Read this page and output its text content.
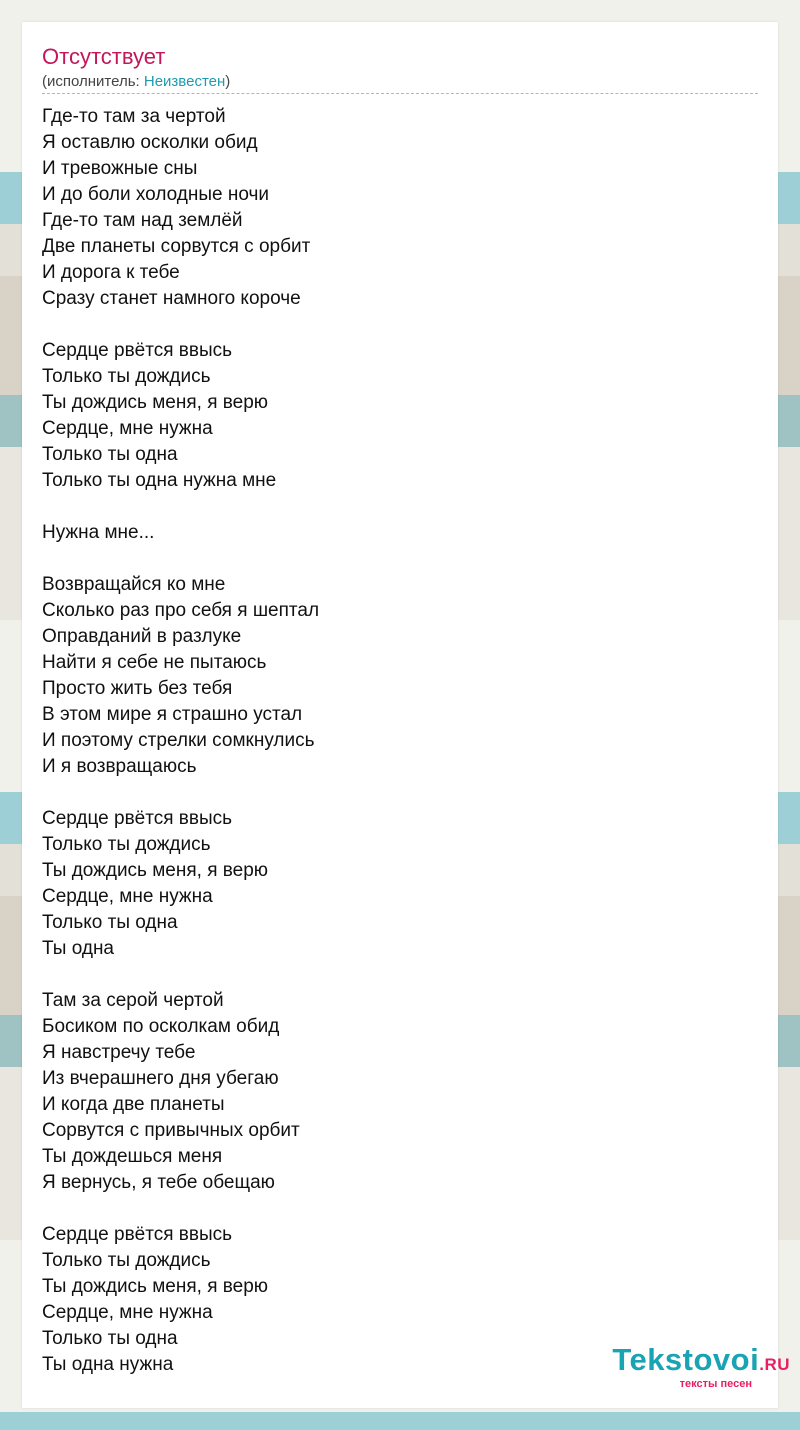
Отсутствует
(исполнитель: Неизвестен)
Где-то там за чертой
Я оставлю осколки обид
И тревожные сны
И до боли холодные ночи
Где-то там над землёй
Две планеты сорвутся с орбит
И дорога к тебе
Сразу станет намного короче
Сердце рвётся ввысь
Только ты дождись
Ты дождись меня, я верю
Сердце, мне нужна
Только ты одна
Только ты одна нужна мне
Нужна мне...
Возвращайся ко мне
Сколько раз про себя я шептал
Оправданий в разлуке
Найти я себе не пытаюсь
Просто жить без тебя
В этом мире я страшно устал
И поэтому стрелки сомкнулись
И я возвращаюсь
Сердце рвётся ввысь
Только ты дождись
Ты дождись меня, я верю
Сердце, мне нужна
Только ты одна
Ты одна
Там за серой чертой
Босиком по осколкам обид
Я навстречу тебе
Из вчерашнего дня убегаю
И когда две планеты
Сорвутся с привычных орбит
Ты дождешься меня
Я вернусь, я тебе обещаю
Сердце рвётся ввысь
Только ты дождись
Ты дождись меня, я верю
Сердце, мне нужна
Только ты одна
Ты одна нужна	Tekstovoi.RU
тексты песен
